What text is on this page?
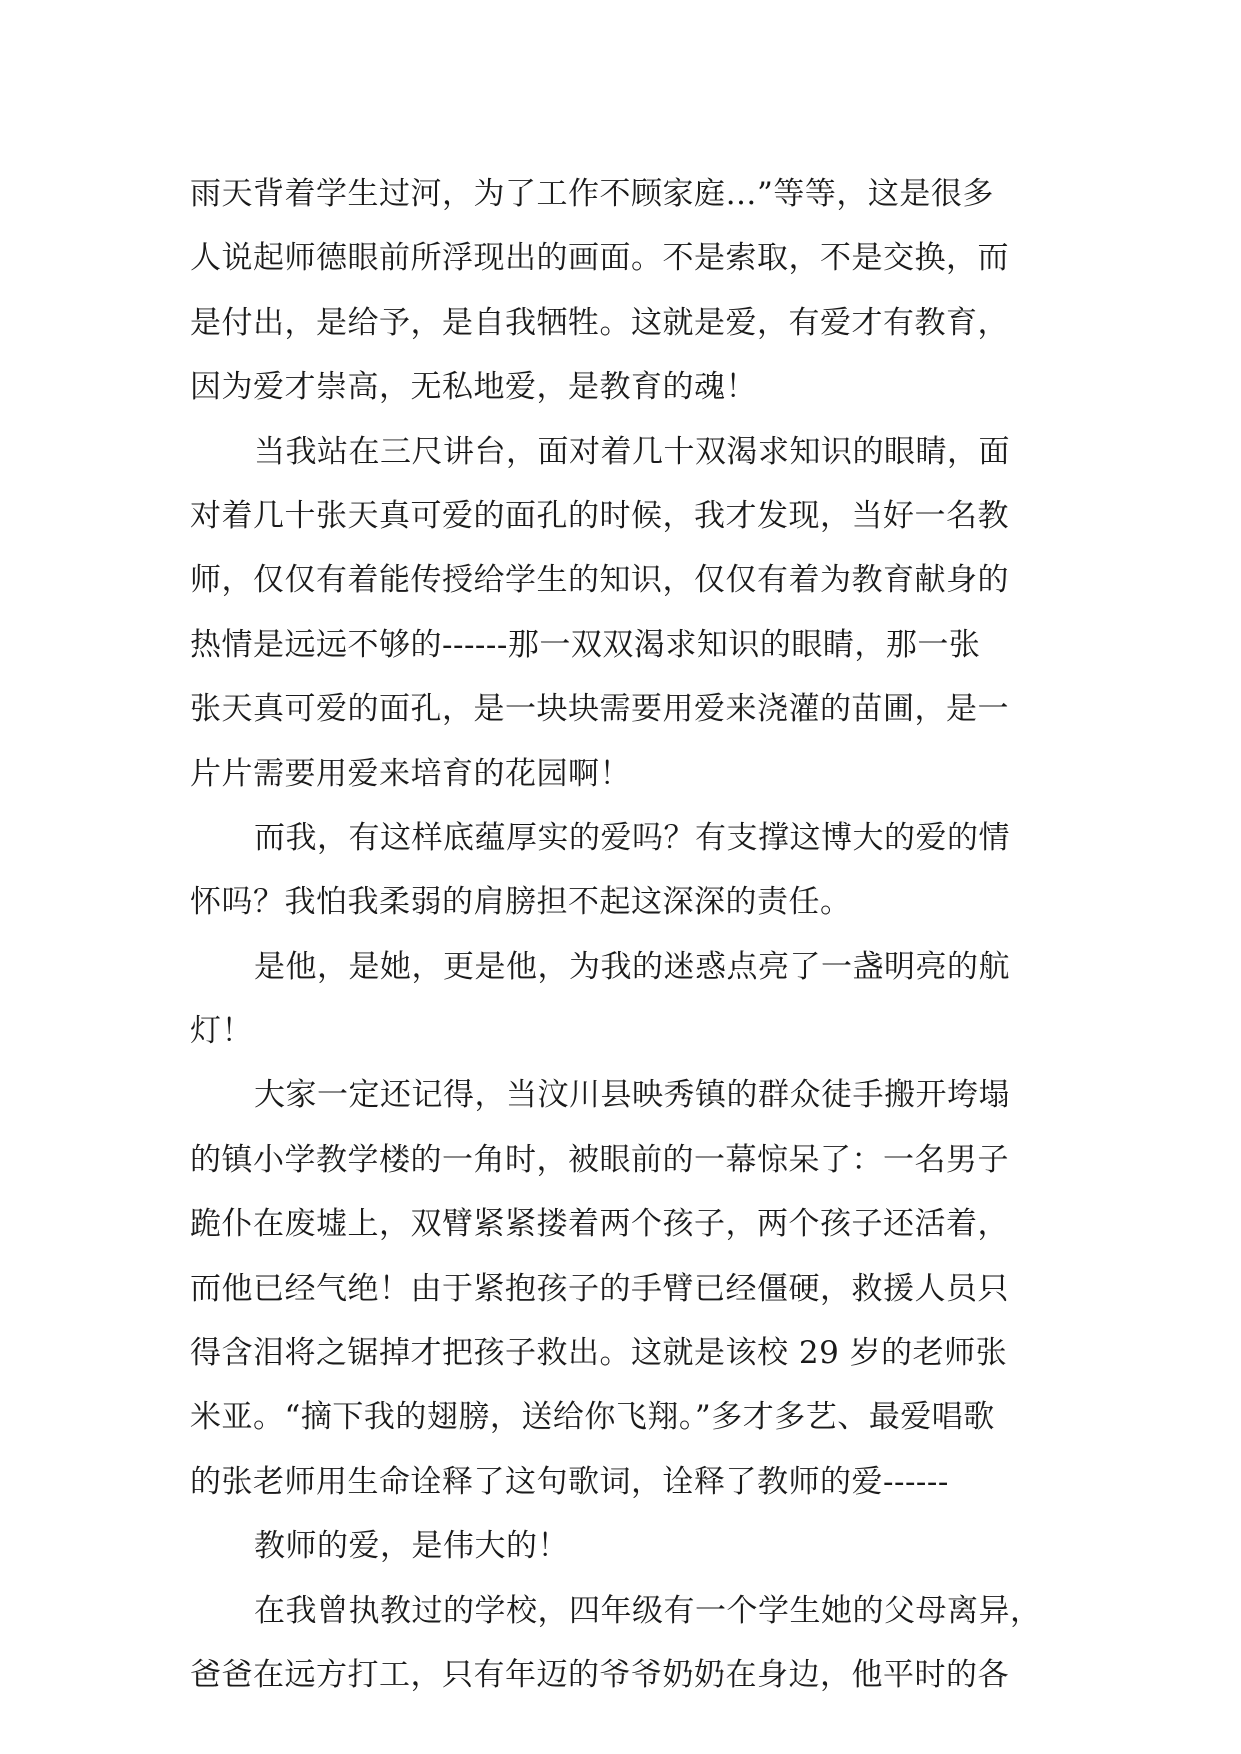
雨天背着学生过河，为了工作不顾家庭…”等等，这是很多
人说起师德眼前所浮现出的画面。不是索取，不是交换，而
是付出，是给予，是自我牺牲。这就是爱，有爱才有教育，
因为爱才崇高，无私地爱，是教育的魂！
当我站在三尺讲台，面对着几十双渴求知识的眼睛，面
对着几十张天真可爱的面孔的时候，我才发现，当好一名教
师，仅仅有着能传授给学生的知识，仅仅有着为教育献身的
热情是远远不够的------那一双双渴求知识的眼睛，那一张
张天真可爱的面孔，是一块块需要用爱来浇灌的苗圃，是一
片片需要用爱来培育的花园啊！
而我，有这样底蕴厚实的爱吗？有支撑这博大的爱的情
怀吗？我怕我柔弱的肩膀担不起这深深的责任。
是他，是她，更是他，为我的迷惑点亮了一盏明亮的航
灯！
大家一定还记得，当汶川县映秀镇的群众徒手搬开垮塌
的镇小学教学楼的一角时，被眼前的一幕惊呆了：一名男子
跪仆在废墟上，双臂紧紧搂着两个孩子，两个孩子还活着，
而他已经气绝！由于紧抱孩子的手臂已经僵硬，救援人员只
得含泪将之锯掉才把孩子救出。这就是该校 29 岁的老师张
米亚。“摘下我的翅膀，送给你飞翔。”多才多艺、最爱唱歌
的张老师用生命诠释了这句歌词，诠释了教师的爱------
教师的爱，是伟大的！
在我曾执教过的学校，四年级有一个学生她的父母离异，
爸爸在远方打工，只有年迈的爷爷奶奶在身边，他平时的各
